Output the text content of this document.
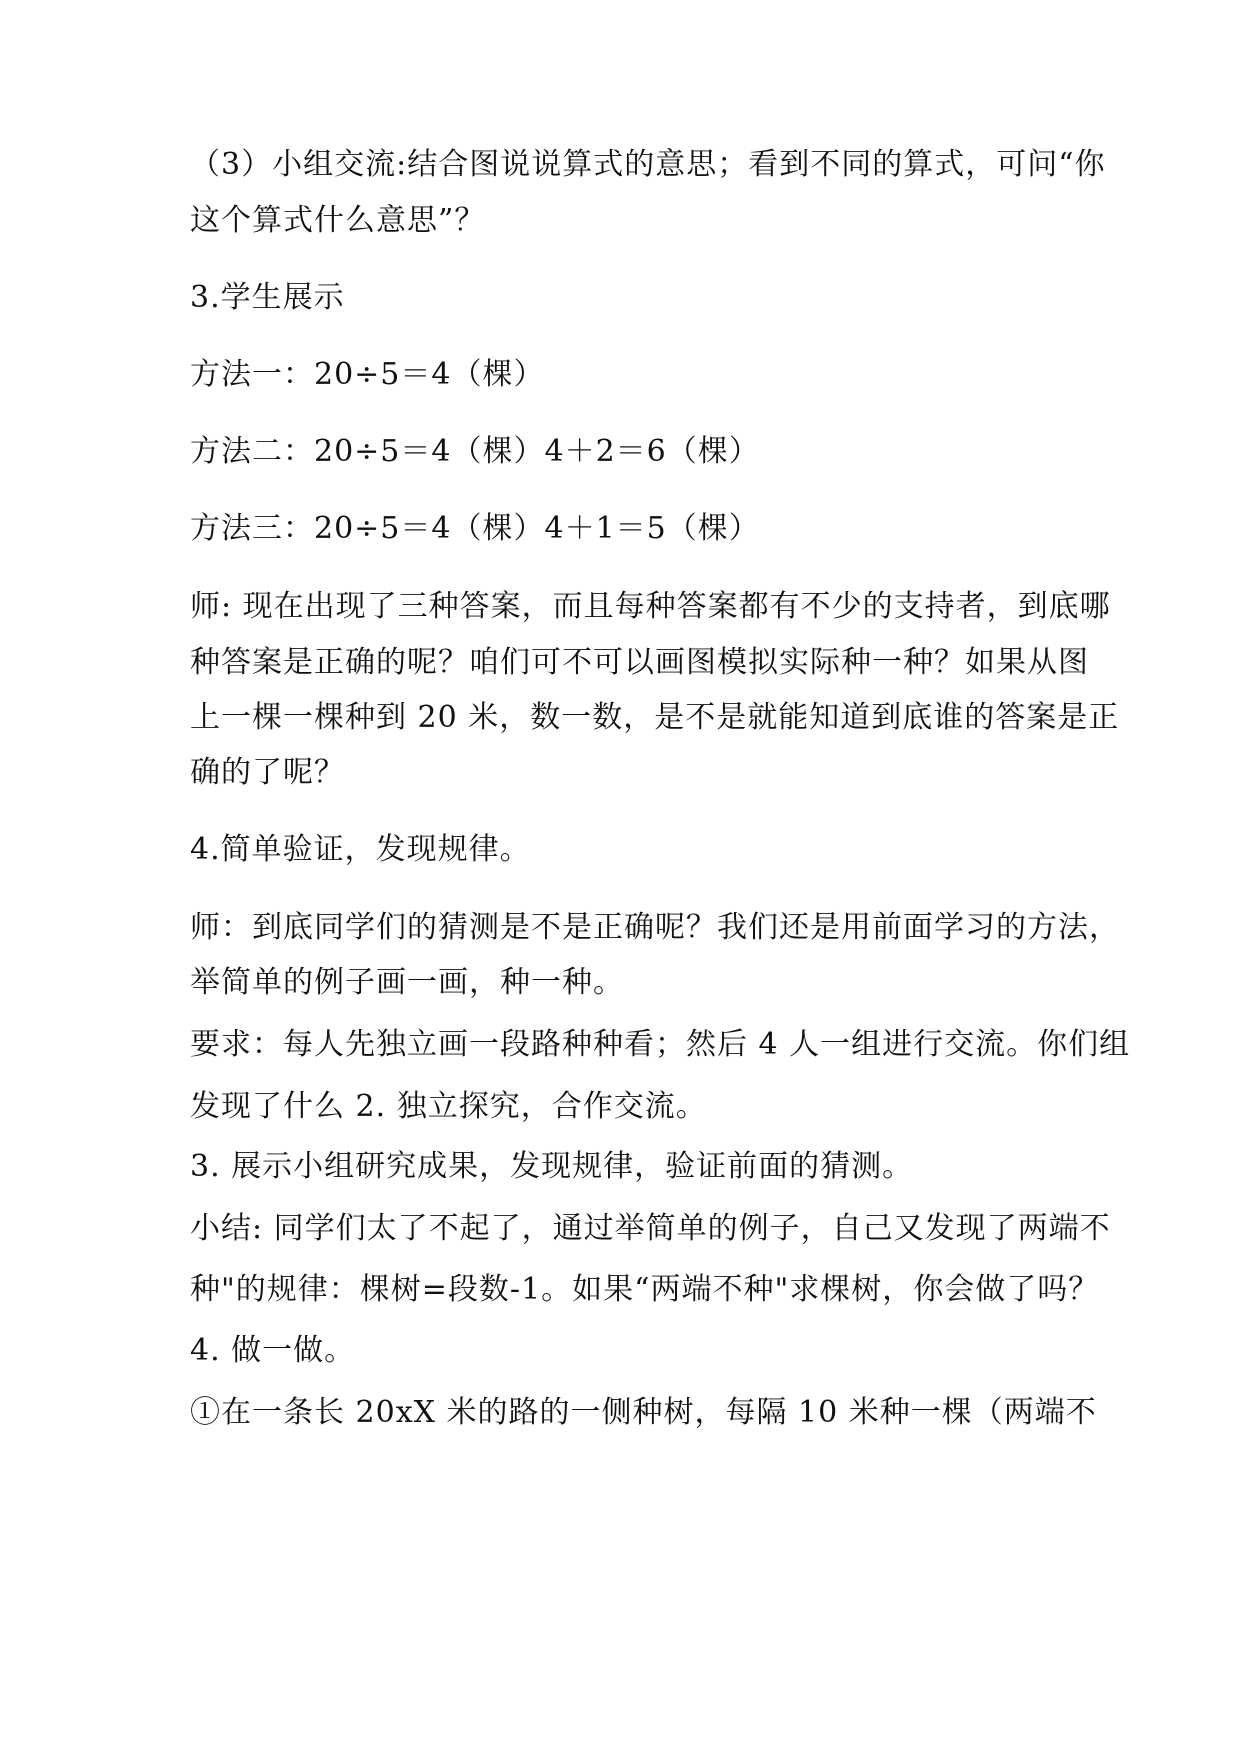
（3）小组交流:结合图说说算式的意思；看到不同的算式，可问“你
这个算式什么意思”？
3.学生展示
方法一：20÷5＝4（棵）
方法二：20÷5＝4（棵）4＋2＝6（棵）
方法三：20÷5＝4（棵）4＋1＝5（棵）
师: 现在出现了三种答案，而且每种答案都有不少的支持者，到底哪
种答案是正确的呢？咱们可不可以画图模拟实际种一种？如果从图
上一棵一棵种到 20 米，数一数，是不是就能知道到底谁的答案是正
确的了呢？
4.简单验证，发现规律。
师：到底同学们的猜测是不是正确呢？我们还是用前面学习的方法，
举简单的例子画一画，种一种。
要求：每人先独立画一段路种种看；然后 4 人一组进行交流。你们组
发现了什么 2. 独立探究，合作交流。
3. 展示小组研究成果，发现规律，验证前面的猜测。
小结: 同学们太了不起了，通过举简单的例子，自己又发现了两端不
种"的规律：棵树=段数-1。如果“两端不种"求棵树，你会做了吗？
4. 做一做。
①在一条长 20xX 米的路的一侧种树，每隔 10 米种一棵（两端不
